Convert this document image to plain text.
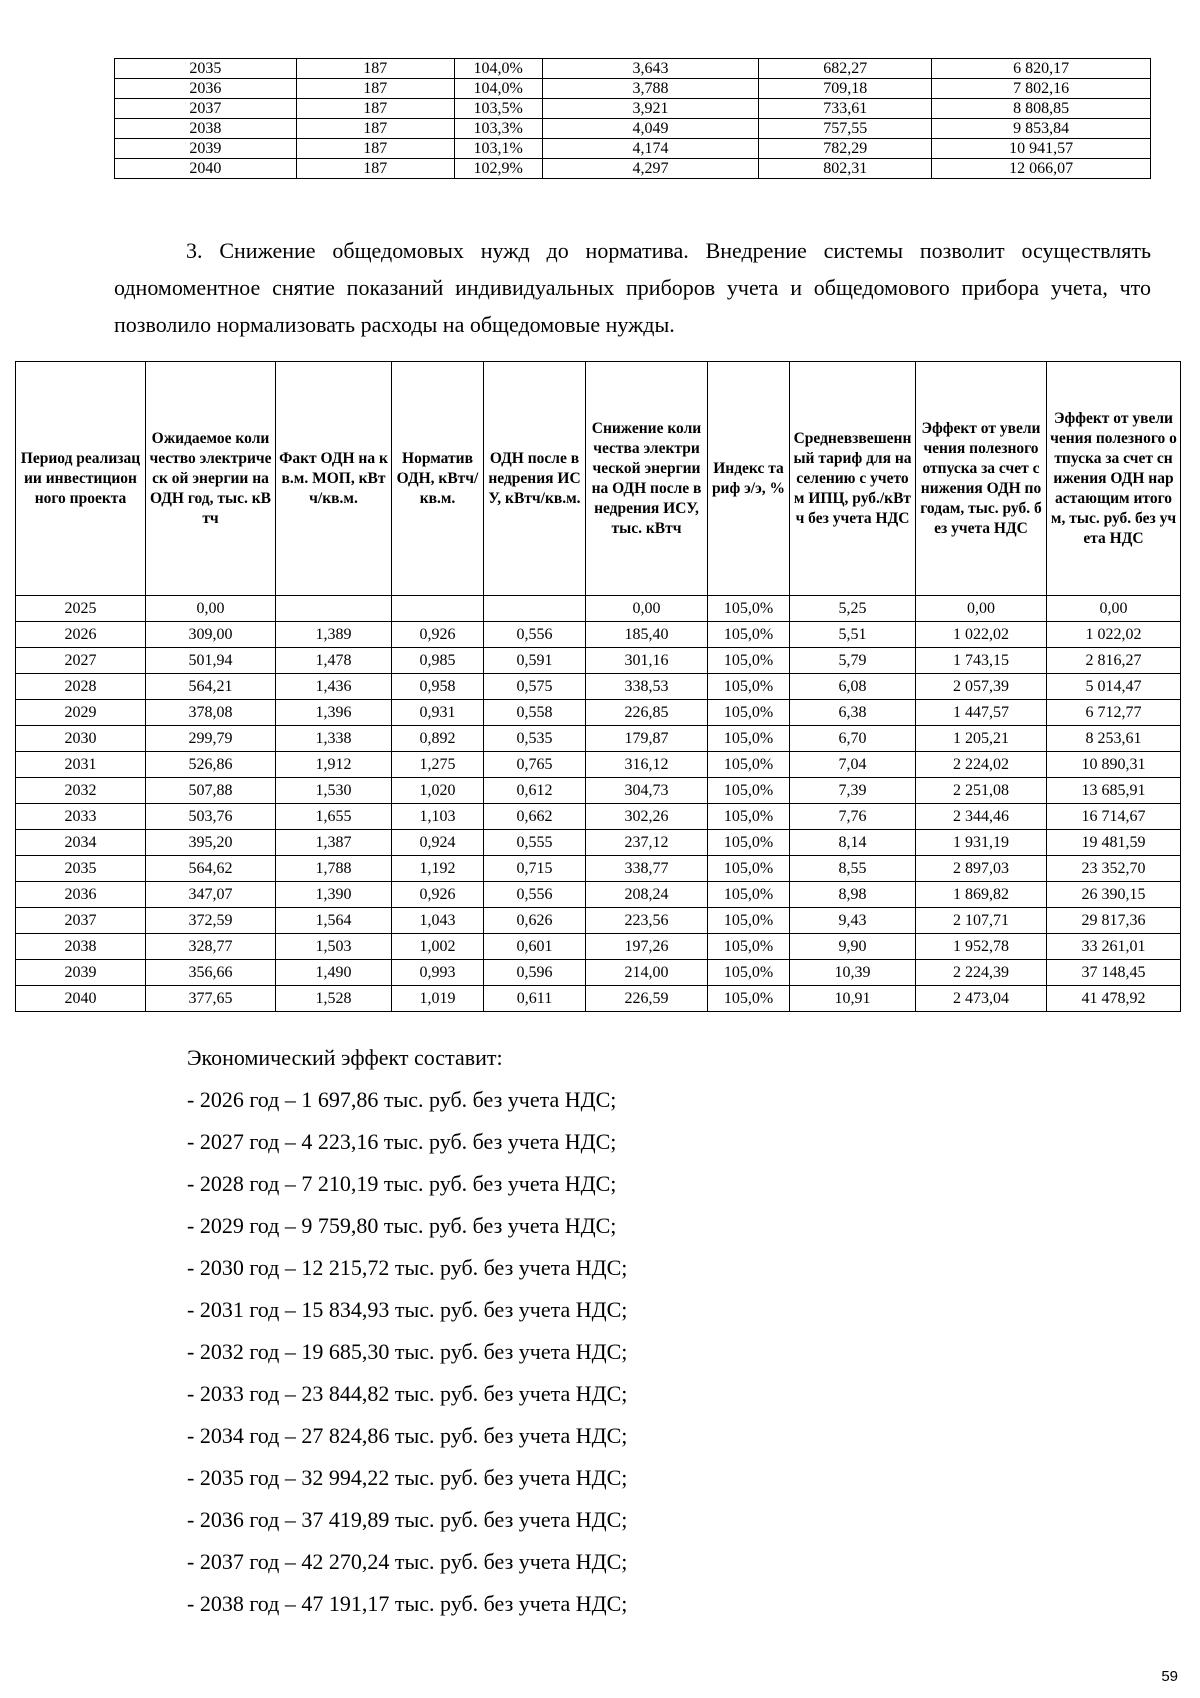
2035	187	104,0%	3,643	682,27	6 820,17
2036	187	104,0%	3,788	709,18	7 802,16
2037	187	103,5%	3,921	733,61	8 808,85
2038	187	103,3%	4,049	757,55	9 853,84
2039	187	103,1%	4,174	782,29	10 941,57
2040	187	102,9%	4,297	802,31	12 066,07

3. Снижение общедомовых нужд до норматива. Внедрение системы позволит осуществлять одномоментное снятие показаний индивидуальных приборов учета и общедомового прибора учета, что позволило нормализовать расходы на общедомовые нужды.

Период реализации инвестицион ного проекта	Ожидаемое количество электрическ ой энергии на ОДН год, тыс. кВтч	Факт ОДН на кв.м. МОП, кВтч/кв.м.	Норматив ОДН, кВтч/кв.м.	ОДН после внедрения ИСУ, кВтч/кв.м.	Снижение количества электрической энергии на ОДН после внедрения ИСУ, тыс. кВтч	Индекс тариф э/э, %	Средневзвешенный тариф для населению с учетом ИПЦ, руб./кВтч без учета НДС	Эффект от увеличения полезного отпуска за счет снижения ОДН по годам, тыс. руб. без учета НДС	Эффект от увеличения полезного отпуска за счет снижения ОДН нарастающим итогом, тыс. руб. без учета НДС
2025	0,00				0,00	105,0%	5,25	0,00	0,00
2026	309,00	1,389	0,926	0,556	185,40	105,0%	5,51	1 022,02	1 022,02
2027	501,94	1,478	0,985	0,591	301,16	105,0%	5,79	1 743,15	2 816,27
2028	564,21	1,436	0,958	0,575	338,53	105,0%	6,08	2 057,39	5 014,47
2029	378,08	1,396	0,931	0,558	226,85	105,0%	6,38	1 447,57	6 712,77
2030	299,79	1,338	0,892	0,535	179,87	105,0%	6,70	1 205,21	8 253,61
2031	526,86	1,912	1,275	0,765	316,12	105,0%	7,04	2 224,02	10 890,31
2032	507,88	1,530	1,020	0,612	304,73	105,0%	7,39	2 251,08	13 685,91
2033	503,76	1,655	1,103	0,662	302,26	105,0%	7,76	2 344,46	16 714,67
2034	395,20	1,387	0,924	0,555	237,12	105,0%	8,14	1 931,19	19 481,59
2035	564,62	1,788	1,192	0,715	338,77	105,0%	8,55	2 897,03	23 352,70
2036	347,07	1,390	0,926	0,556	208,24	105,0%	8,98	1 869,82	26 390,15
2037	372,59	1,564	1,043	0,626	223,56	105,0%	9,43	2 107,71	29 817,36
2038	328,77	1,503	1,002	0,601	197,26	105,0%	9,90	1 952,78	33 261,01
2039	356,66	1,490	0,993	0,596	214,00	105,0%	10,39	2 224,39	37 148,45
2040	377,65	1,528	1,019	0,611	226,59	105,0%	10,91	2 473,04	41 478,92
Экономический эффект составит:
- 2026 год – 1 697,86 тыс. руб. без учета НДС;
- 2027 год – 4 223,16 тыс. руб. без учета НДС;
- 2028 год – 7 210,19 тыс. руб. без учета НДС;
- 2029 год – 9 759,80 тыс. руб. без учета НДС;
- 2030 год – 12 215,72 тыс. руб. без учета НДС;
- 2031 год – 15 834,93 тыс. руб. без учета НДС;
- 2032 год – 19 685,30 тыс. руб. без учета НДС;
- 2033 год – 23 844,82 тыс. руб. без учета НДС;
- 2034 год – 27 824,86 тыс. руб. без учета НДС;
- 2035 год – 32 994,22 тыс. руб. без учета НДС;
- 2036 год – 37 419,89 тыс. руб. без учета НДС;
- 2037 год – 42 270,24 тыс. руб. без учета НДС;
- 2038 год – 47 191,17 тыс. руб. без учета НДС;
59
